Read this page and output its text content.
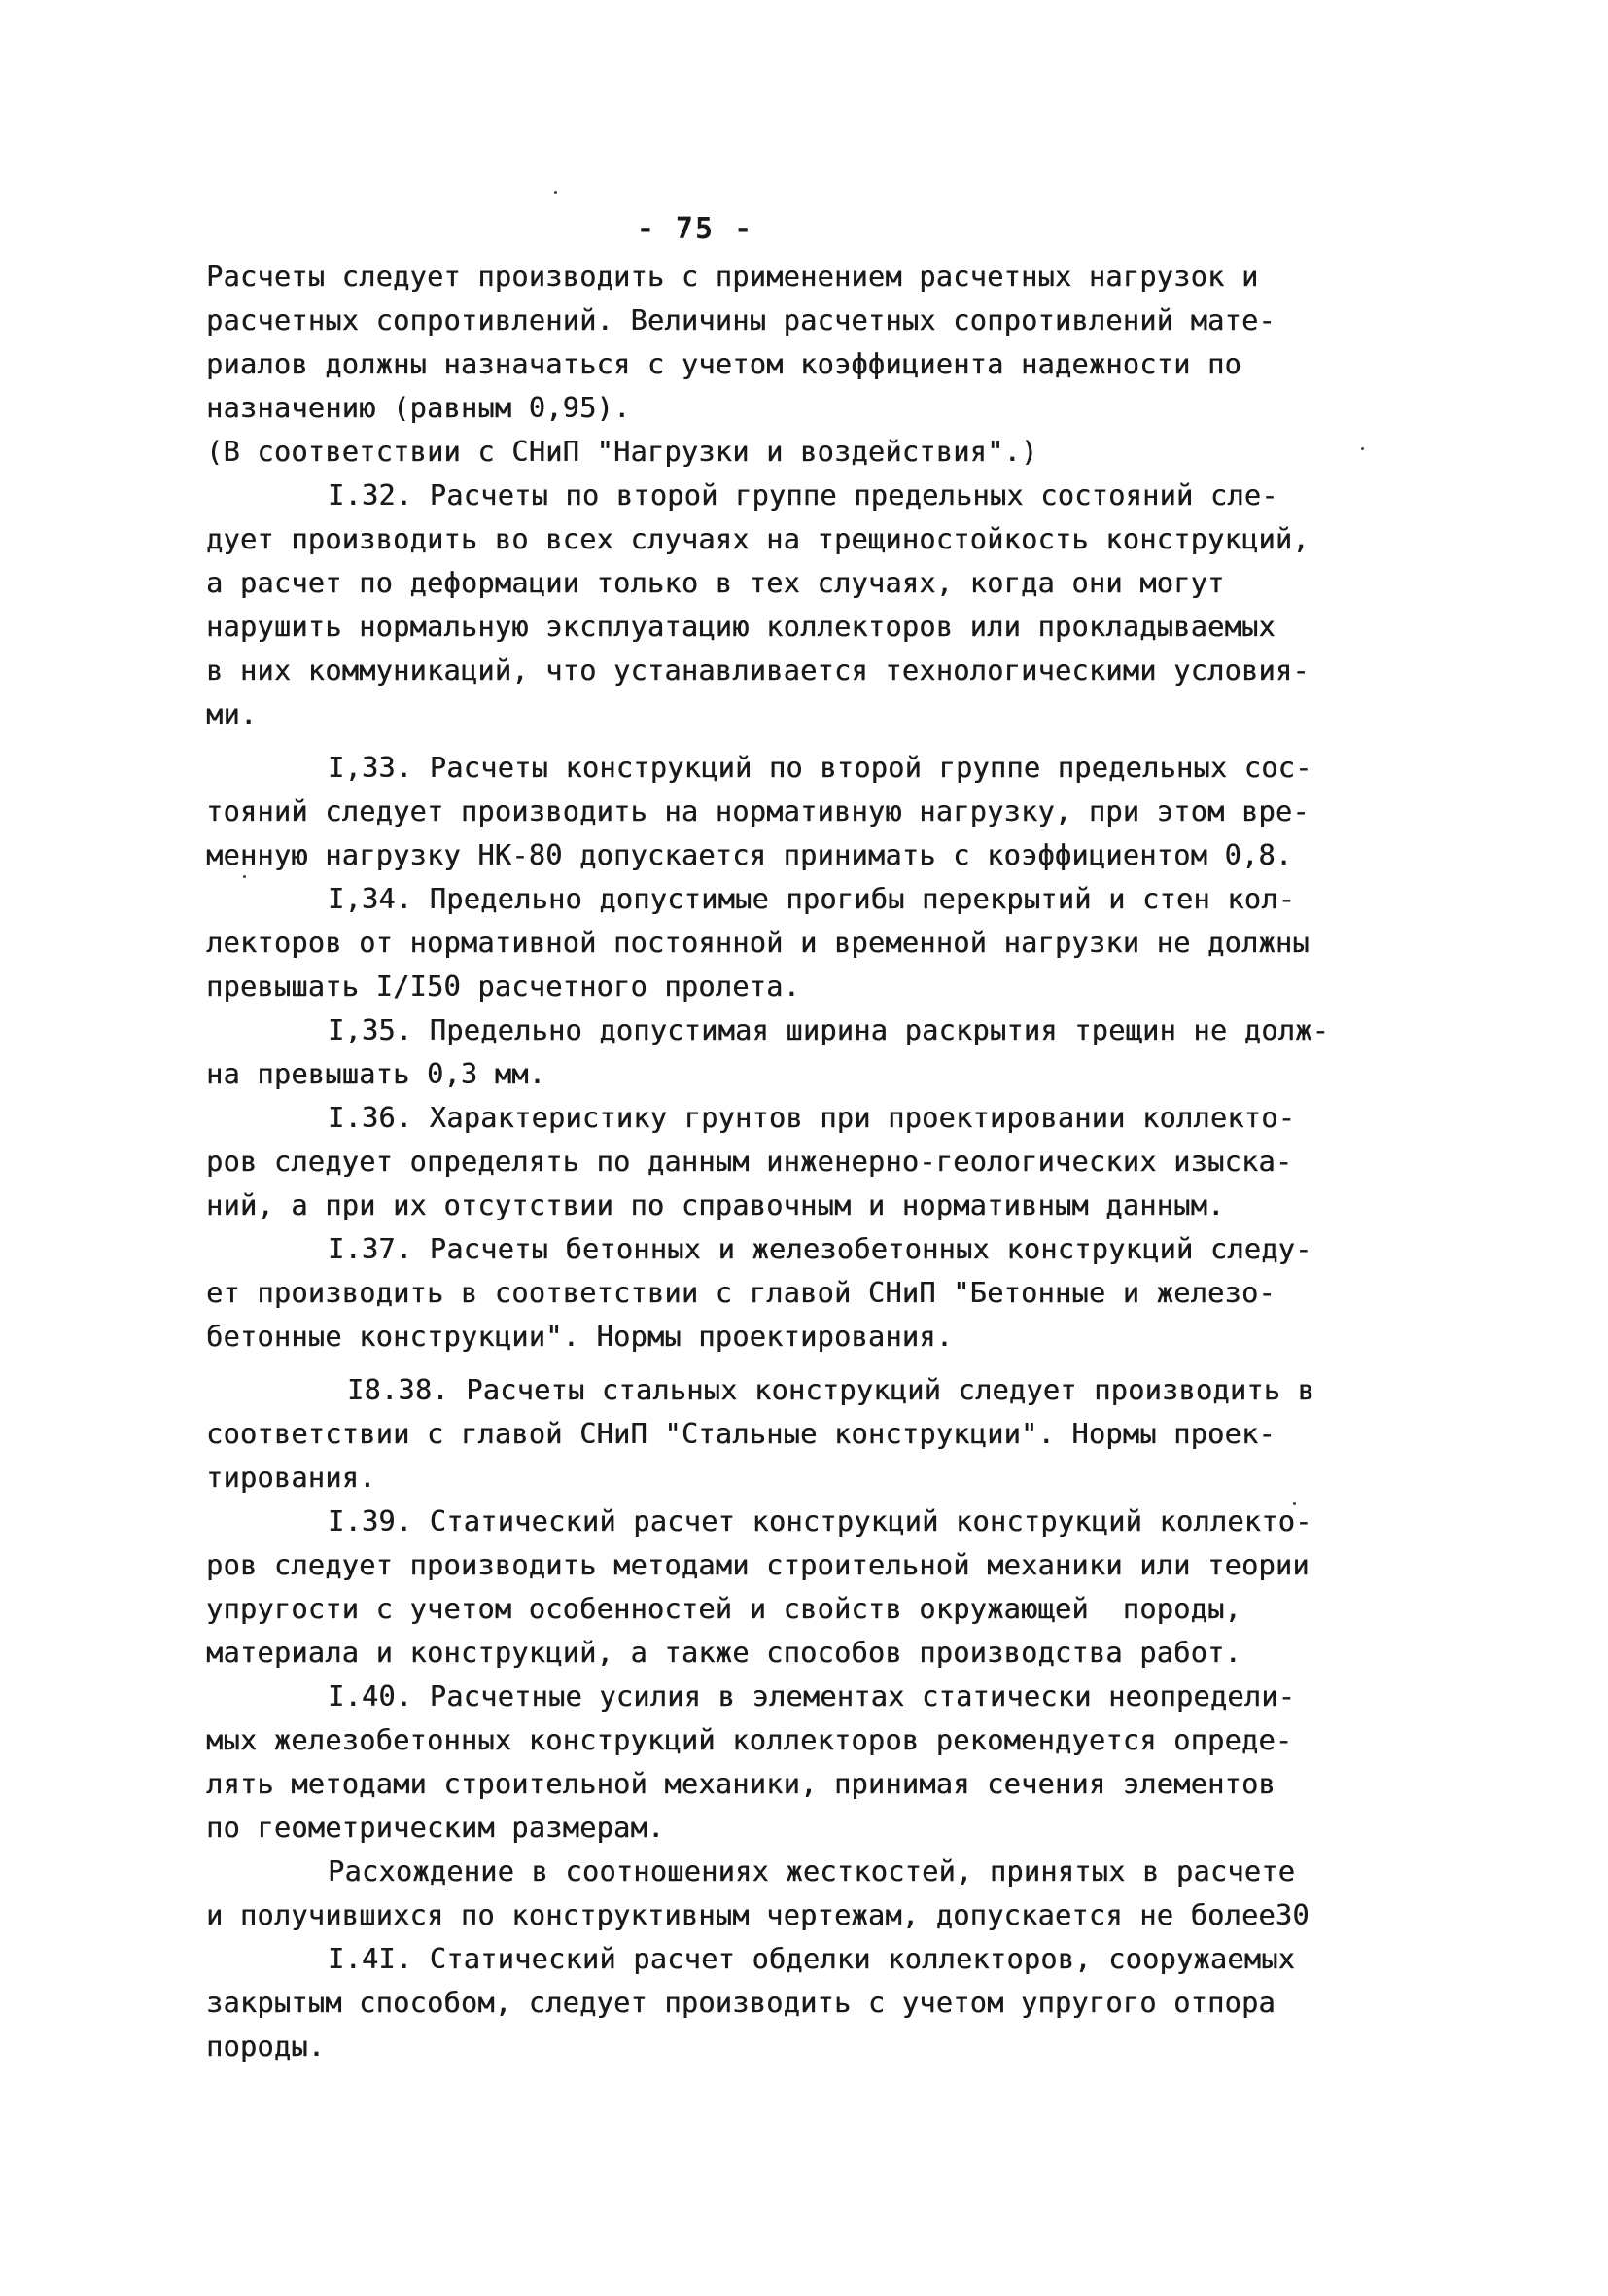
- 75 -
Расчеты следует производить с применением расчетных нагрузок и
расчетных сопротивлений. Величины расчетных сопротивлений мате-
риалов должны назначаться с учетом коэффициента надежности по
назначению (равным 0,95).
(В соответствии с СНиП "Нагрузки и воздействия".)
I.32. Расчеты по второй группе предельных состояний сле-
дует производить во всех случаях на трещиностойкость конструкций,
а расчет по деформации только в тех случаях, когда они могут
нарушить нормальную эксплуатацию коллекторов или прокладываемых
в них коммуникаций, что устанавливается технологическими условия-
ми.
I,33. Расчеты конструкций по второй группе предельных сос-
тояний следует производить на нормативную нагрузку, при этом вре-
менную нагрузку НК-80 допускается принимать с коэффициентом 0,8.
I,34. Предельно допустимые прогибы перекрытий и стен кол-
лекторов от нормативной постоянной и временной нагрузки не должны
превышать I/I50 расчетного пролета.
I,35. Предельно допустимая ширина раскрытия трещин не долж-
на превышать 0,3 мм.
I.36. Характеристику грунтов при проектировании коллекто-
ров следует определять по данным инженерно-геологических изыска-
ний, а при их отсутствии по справочным и нормативным данным.
I.37. Расчеты бетонных и железобетонных конструкций следу-
ет производить в соответствии с главой СНиП "Бетонные и железо-
бетонные конструкции". Нормы проектирования.
I8.38. Расчеты стальных конструкций следует производить в
соответствии с главой СНиП "Стальные конструкции". Нормы проек-
тирования.
I.39. Статический расчет конструкций конструкций коллекто-
ров следует производить методами строительной механики или теории
упругости с учетом особенностей и свойств окружающей  породы,
материала и конструкций, а также способов производства работ.
I.40. Расчетные усилия в элементах статически неопредели-
мых железобетонных конструкций коллекторов рекомендуется опреде-
лять методами строительной механики, принимая сечения элементов
по геометрическим размерам.
Расхождение в соотношениях жесткостей, принятых в расчете
и получившихся по конструктивным чертежам, допускается не более30
I.4I. Статический расчет обделки коллекторов, сооружаемых
закрытым способом, следует производить с учетом упругого отпора
породы.
